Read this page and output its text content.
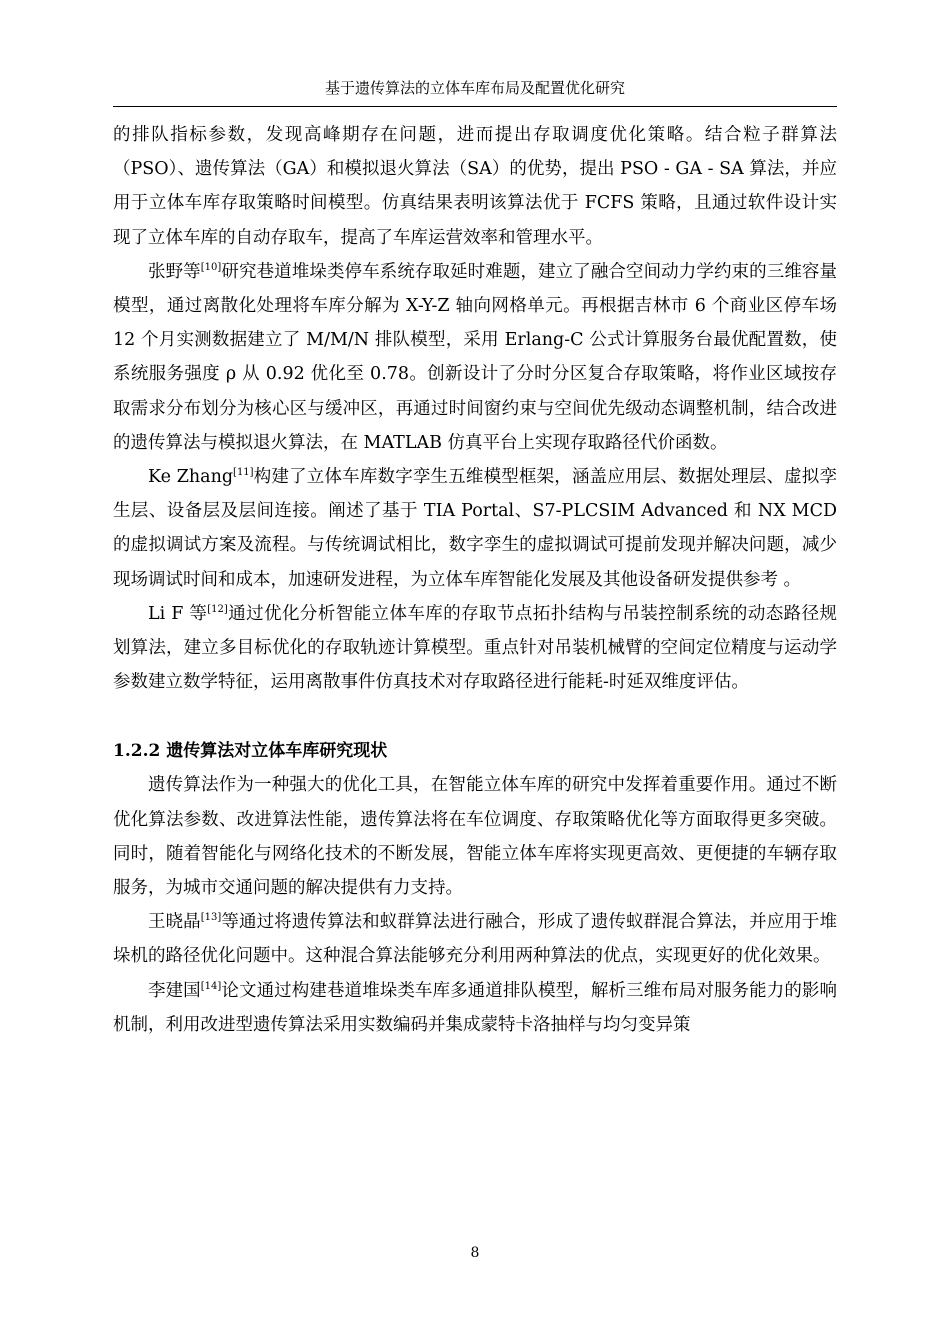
基于遗传算法的立体车库布局及配置优化研究

的排队指标参数，发现高峰期存在问题，进而提出存取调度优化策略。结合粒子群算法（PSO）、遗传算法（GA）和模拟退火算法（SA）的优势，提出 PSO - GA - SA 算法，并应用于立体车库存取策略时间模型。仿真结果表明该算法优于 FCFS 策略，且通过软件设计实现了立体车库的自动存取车，提高了车库运营效率和管理水平。

张野等[10]研究巷道堆垛类停车系统存取延时难题，建立了融合空间动力学约束的三维容量模型，通过离散化处理将车库分解为 X-Y-Z 轴向网格单元。再根据吉林市 6 个商业区停车场 12 个月实测数据建立了 M/M/N 排队模型，采用 Erlang-C 公式计算服务台最优配置数，使系统服务强度 ρ 从 0.92 优化至 0.78。创新设计了分时分区复合存取策略，将作业区域按存取需求分布划分为核心区与缓冲区，再通过时间窗约束与空间优先级动态调整机制，结合改进的遗传算法与模拟退火算法，在 MATLAB 仿真平台上实现存取路径代价函数。

Ke Zhang[11]构建了立体车库数字孪生五维模型框架，涵盖应用层、数据处理层、虚拟孪生层、设备层及层间连接。阐述了基于 TIA Portal、S7-PLCSIM Advanced 和 NX MCD 的虚拟调试方案及流程。与传统调试相比，数字孪生的虚拟调试可提前发现并解决问题，减少现场调试时间和成本，加速研发进程，为立体车库智能化发展及其他设备研发提供参考 。

Li F 等[12]通过优化分析智能立体车库的存取节点拓扑结构与吊装控制系统的动态路径规划算法，建立多目标优化的存取轨迹计算模型。重点针对吊装机械臂的空间定位精度与运动学参数建立数学特征，运用离散事件仿真技术对存取路径进行能耗-时延双维度评估。

1.2.2 遗传算法对立体车库研究现状

遗传算法作为一种强大的优化工具，在智能立体车库的研究中发挥着重要作用。通过不断优化算法参数、改进算法性能，遗传算法将在车位调度、存取策略优化等方面取得更多突破。同时，随着智能化与网络化技术的不断发展，智能立体车库将实现更高效、更便捷的车辆存取服务，为城市交通问题的解决提供有力支持。

王晓晶[13]等通过将遗传算法和蚁群算法进行融合，形成了遗传蚁群混合算法，并应用于堆垛机的路径优化问题中。这种混合算法能够充分利用两种算法的优点，实现更好的优化效果。

李建国[14]论文通过构建巷道堆垛类车库多通道排队模型，解析三维布局对服务能力的影响机制，利用改进型遗传算法采用实数编码并集成蒙特卡洛抽样与均匀变异策

8
